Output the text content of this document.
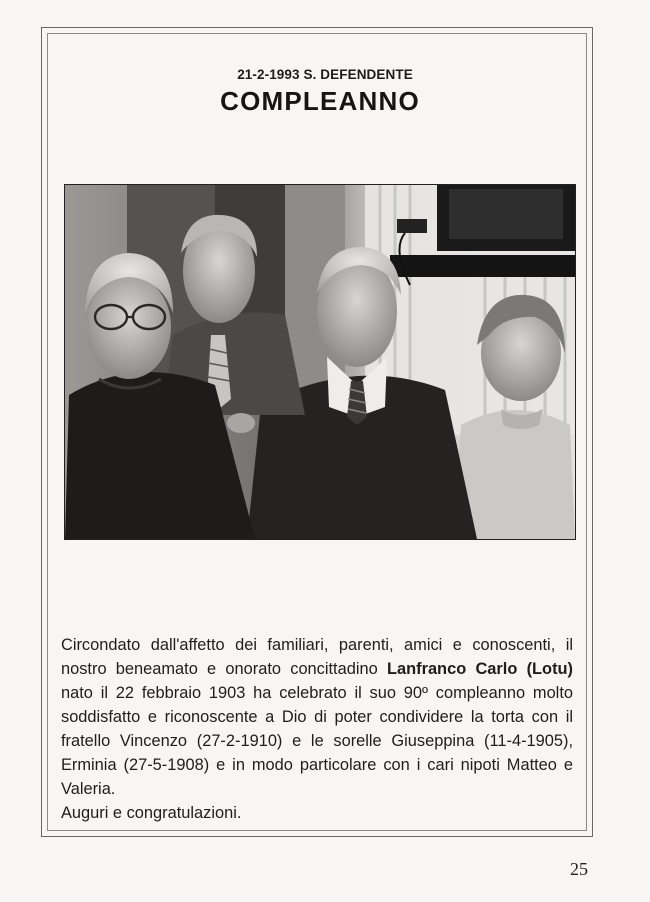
21-2-1993 S. DEFENDENTE
COMPLEANNO

Circondato dall'affetto dei familiari, parenti, amici e conoscenti, il nostro beneamato e onorato concittadino Lanfranco Carlo (Lotu) nato il 22 febbraio 1903 ha celebrato il suo 90º compleanno molto soddisfatto e riconoscente a Dio di poter condividere la torta con il fratello Vincenzo (27-2-1910) e le sorelle Giuseppina (11-4-1905), Erminia (27-5-1908) e in modo particolare con i cari nipoti Matteo e Valeria.
Auguri e congratulazioni.

25
